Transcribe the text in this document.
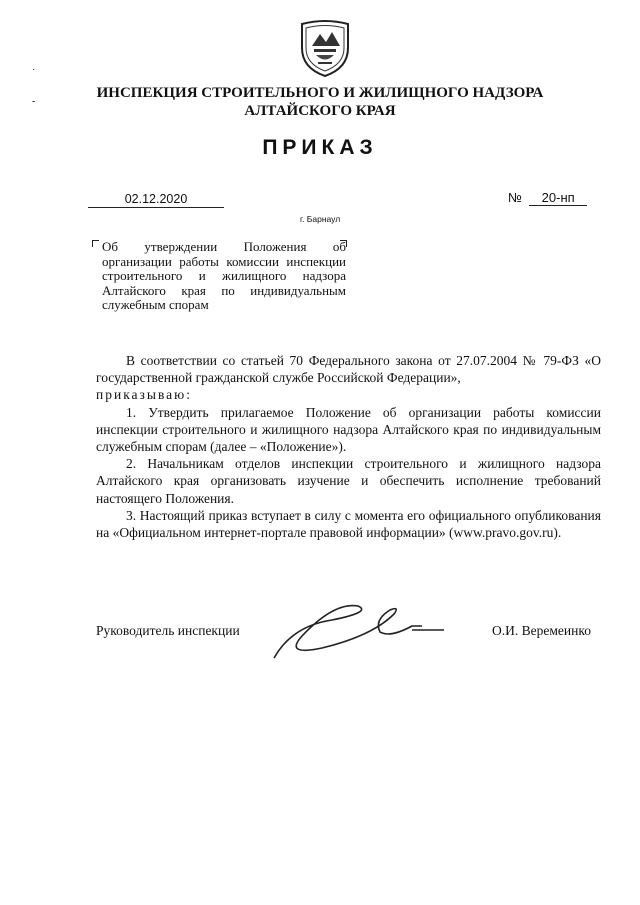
˙
-
ИНСПЕКЦИЯ СТРОИТЕЛЬНОГО И ЖИЛИЩНОГО НАДЗОРА
АЛТАЙСКОГО КРАЯ
ПРИКАЗ
02.12.2020	№ 20-нп
г. Барнаул

Об утверждении Положения об организации работы комиссии инспекции строительного и жилищного надзора Алтайского края по индивидуальным служебным спорам

В соответствии со статьей 70 Федерального закона от 27.07.2004 № 79-ФЗ «О государственной гражданской службе Российской Федерации»,

приказываю:

1. Утвердить прилагаемое Положение об организации работы комиссии инспекции строительного и жилищного надзора Алтайского края по индивидуальным служебным спорам (далее – «Положение»).

2. Начальникам отделов инспекции строительного и жилищного надзора Алтайского края организовать изучение и обеспечить исполнение требований настоящего Положения.

3. Настоящий приказ вступает в силу с момента его официального опубликования на «Официальном интернет-портале правовой информации» (www.pravo.gov.ru).

Руководитель инспекции	О.И. Веремеинко
